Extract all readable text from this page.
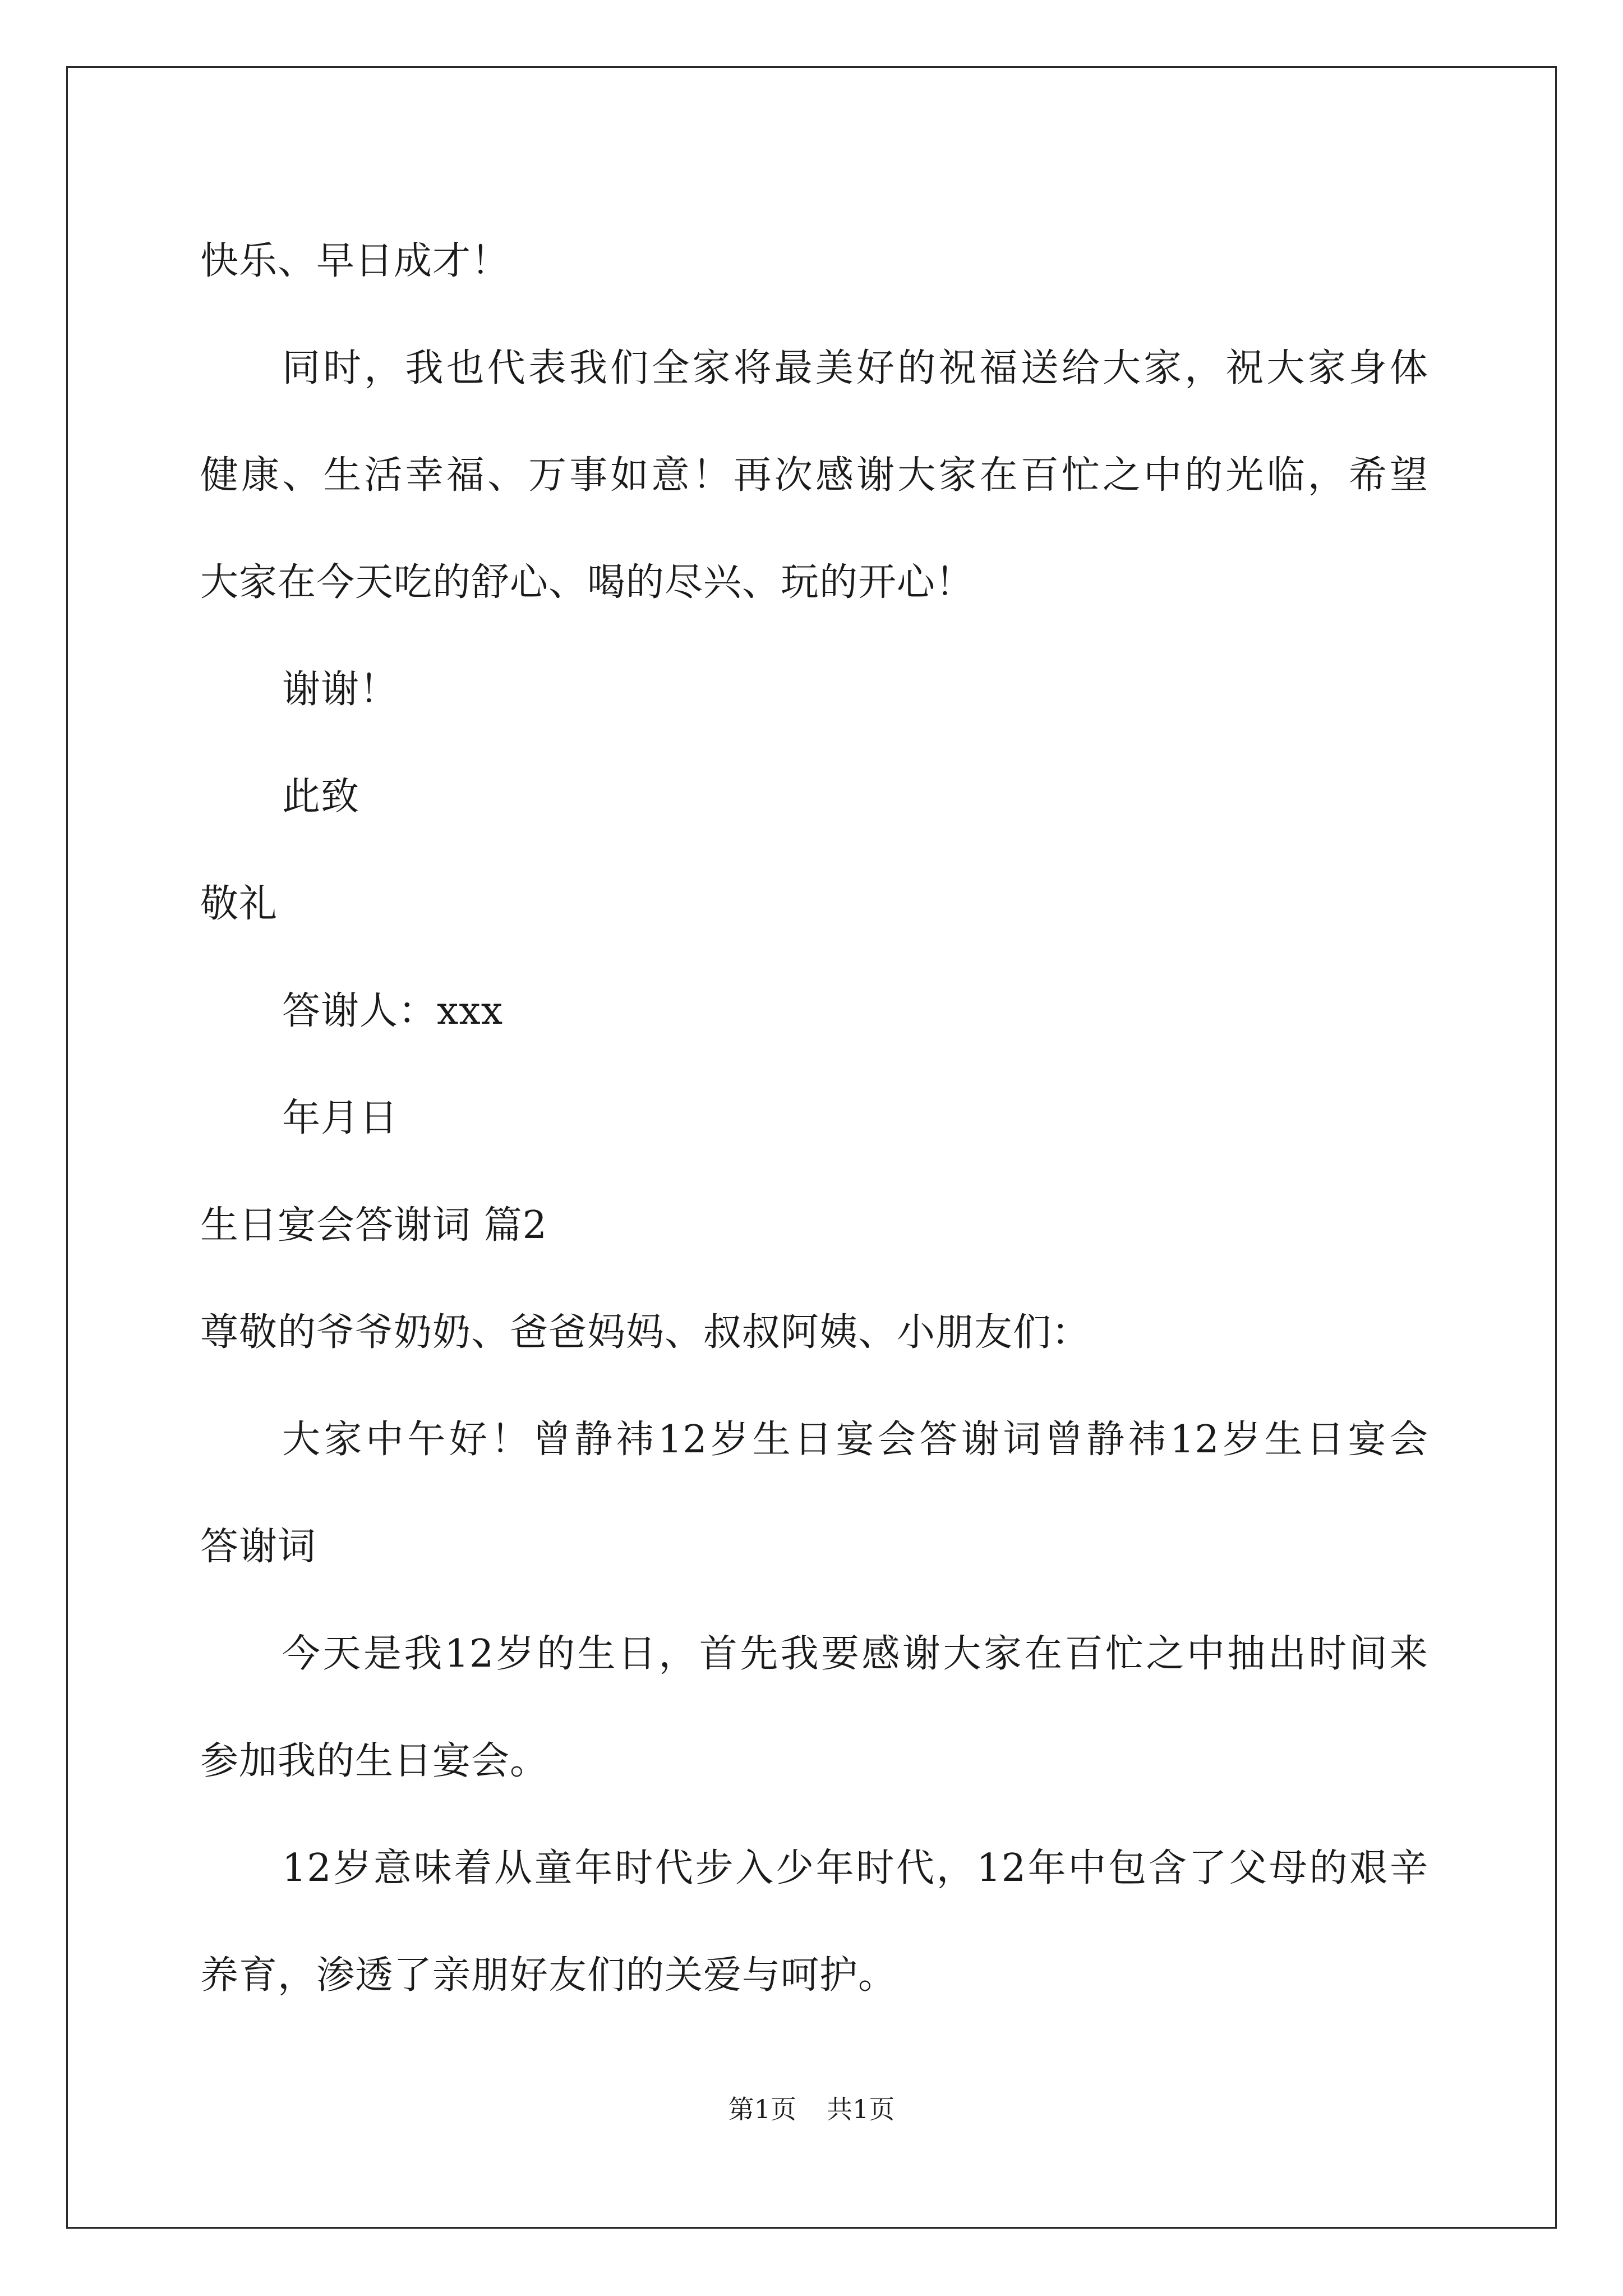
快乐、早日成才！
同时，我也代表我们全家将最美好的祝福送给大家，祝大家身体
健康、生活幸福、万事如意！再次感谢大家在百忙之中的光临，希望
大家在今天吃的舒心、喝的尽兴、玩的开心！
谢谢！
此致
敬礼
答谢人：xxx
年月日
生日宴会答谢词 篇2
尊敬的爷爷奶奶、爸爸妈妈、叔叔阿姨、小朋友们：
大家中午好！曾静祎12岁生日宴会答谢词曾静祎12岁生日宴会
答谢词
今天是我12岁的生日，首先我要感谢大家在百忙之中抽出时间来
参加我的生日宴会。
12岁意味着从童年时代步入少年时代，12年中包含了父母的艰辛
养育，渗透了亲朋好友们的关爱与呵护。
第1页 共1页
